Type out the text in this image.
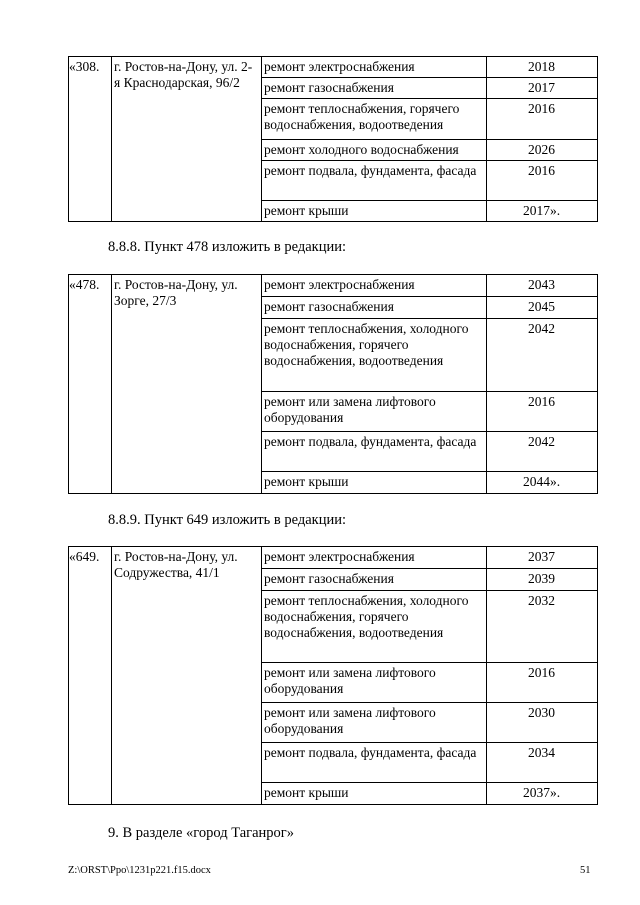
«308.	г. Ростов-на-Дону, ул. 2-я Краснодарская, 96/2	ремонт электроснабжения	2018
		ремонт газоснабжения	2017
		ремонт теплоснабжения, горячего водоснабжения, водоотведения	2016
		ремонт холодного водоснабжения	2026
		ремонт подвала, фундамента, фасада	2016
		ремонт крыши	2017».
8.8.8. Пункт 478 изложить в редакции:
«478.	г. Ростов-на-Дону, ул. Зорге, 27/3	ремонт электроснабжения	2043
		ремонт газоснабжения	2045
		ремонт теплоснабжения, холодного водоснабжения, горячего водоснабжения, водоотведения	2042
		ремонт или замена лифтового оборудования	2016
		ремонт подвала, фундамента, фасада	2042
		ремонт крыши	2044».
8.8.9. Пункт 649 изложить в редакции:
«649.	г. Ростов-на-Дону, ул. Содружества, 41/1	ремонт электроснабжения	2037
		ремонт газоснабжения	2039
		ремонт теплоснабжения, холодного водоснабжения, горячего водоснабжения, водоотведения	2032
		ремонт или замена лифтового оборудования	2016
		ремонт или замена лифтового оборудования	2030
		ремонт подвала, фундамента, фасада	2034
		ремонт крыши	2037».
9. В разделе «город Таганрог»
Z:\ORST\Ppo\1231p221.f15.docx	51
